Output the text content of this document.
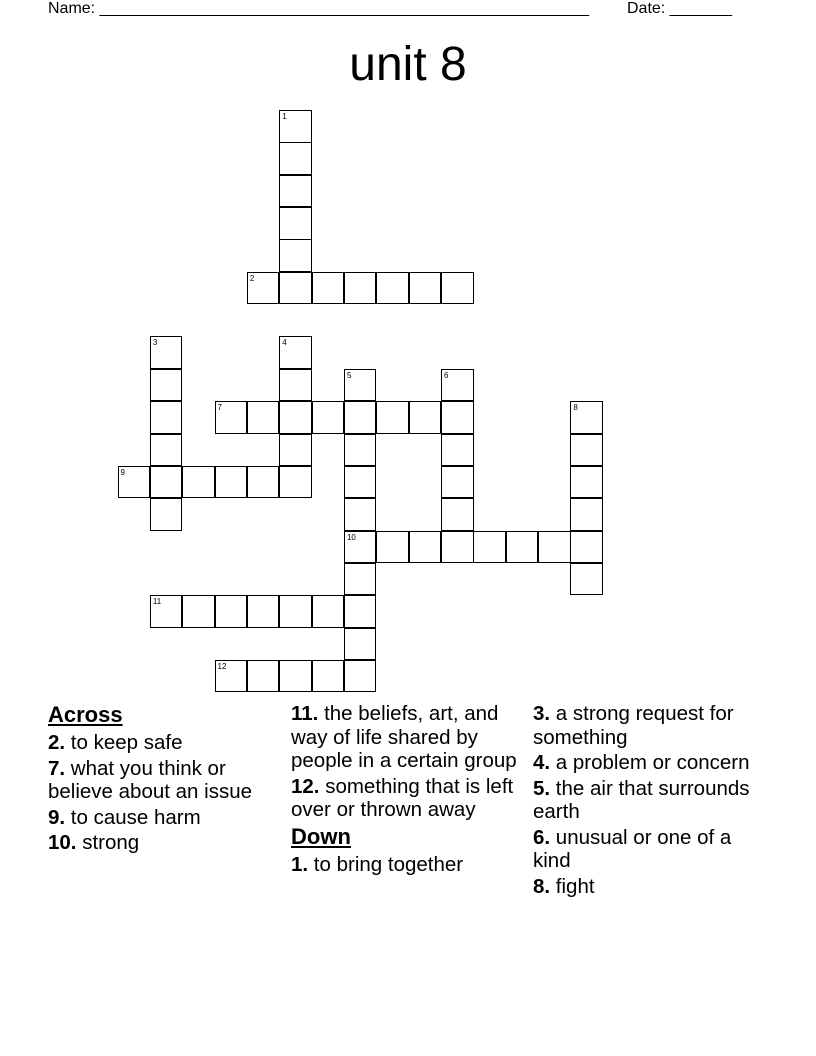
Name: _______________________________________________________ Date: _______
unit 8
1
2
3	4
5	6
7	8
9
10
11
12
Across
2. to keep safe
7. what you think or believe about an issue
9. to cause harm
10. strong
11. the beliefs, art, and way of life shared by people in a certain group
12. something that is left over or thrown away
Down
1. to bring together
3. a strong request for something
4. a problem or concern
5. the air that surrounds earth
6. unusual or one of a kind
8. fight
